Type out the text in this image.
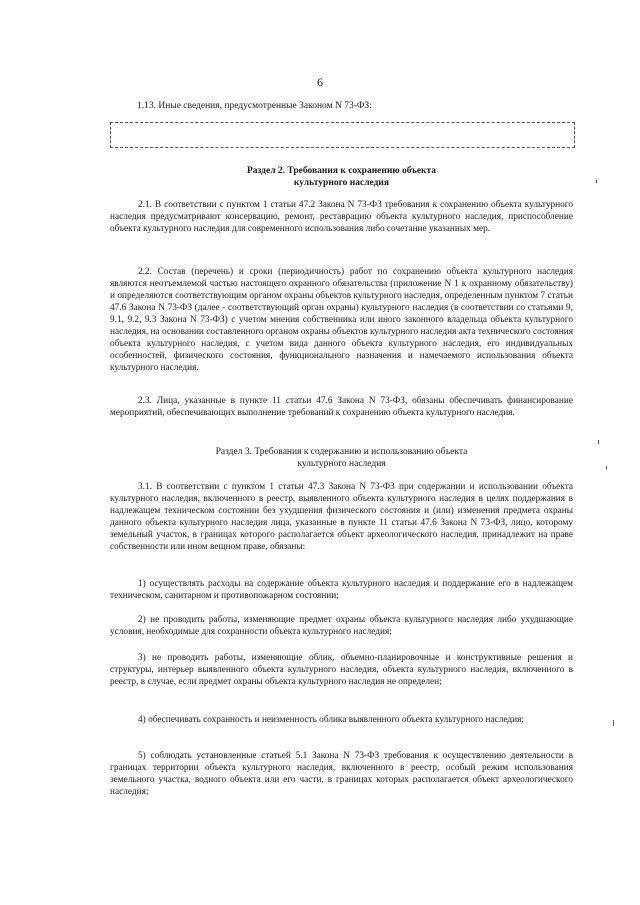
6
1.13. Иные сведения, предусмотренные Законом N 73-ФЗ:
Раздел 2. Требования к сохранению объекта
культурного наследия
2.1. В соответствии с пунктом 1 статьи 47.2 Закона N 73-ФЗ требования к сохранению объекта культурного наследия предусматривают консервацию, ремонт, реставрацию объекта культурного наследия, приспособление объекта культурного наследия для современного использования либо сочетание указанных мер.
2.2. Состав (перечень) и сроки (периодичность) работ по сохранению объекта культурного наследия являются неотъемлемой частью настоящего охранного обязательства (приложение N 1 к охранному обязательству) и определяются соответствующим органом охраны объектов культурного наследия, определенным пунктом 7 статьи 47.6 Закона N 73-ФЗ (далее - соответствующий орган охраны) культурного наследия (в соответствии со статьями 9, 9.1, 9.2, 9.3 Закона N 73-ФЗ) с учетом мнения собственника или иного законного владельца объекта культурного наследия, на основании составленного органом охраны объектов культурного наследия акта технического состояния объекта культурного наследия, с учетом вида данного объекта культурного наследия, его индивидуальных особенностей, физического состояния, функционального назначения и намечаемого использования объекта культурного наследия.
2.3. Лица, указанные в пункте 11 статьи 47.6 Закона N 73-ФЗ, обязаны обеспечивать финансирование мероприятий, обеспечивающих выполнение требований к сохранению объекта культурного наследия.
Раздел 3. Требования к содержанию и использованию объекта
культурного наследия
3.1. В соответствии с пунктом 1 статьи 47.3 Закона N 73-ФЗ при содержании и использовании объекта культурного наследия, включенного в реестр, выявленного объекта культурного наследия в целях поддержания в надлежащем техническом состоянии без ухудшения физического состояния и (или) изменения предмета охраны данного объекта культурного наследия лица, указанные в пункте 11 статьи 47.6 Закона N 73-ФЗ, лицо, которому земельный участок, в границах которого располагается объект археологического наследия, принадлежит на праве собственности или ином вещном праве, обязаны:
1) осуществлять расходы на содержание объекта культурного наследия и поддержание его в надлежащем техническом, санитарном и противопожарном состоянии;
2) не проводить работы, изменяющие предмет охраны объекта культурного наследия либо ухудшающие условия, необходимые для сохранности объекта культурного наследия;
3) не проводить работы, изменяющие облик, объемно-планировочные и конструктивные решения и структуры, интерьер выявленного объекта культурного наследия, объекта культурного наследия, включенного в реестр, в случае, если предмет охраны объекта культурного наследия не определен;
4) обеспечивать сохранность и неизменность облика выявленного объекта культурного наследия;
5) соблюдать установленные статьей 5.1 Закона N 73-ФЗ требования к осуществлению деятельности в границах территории объекта культурного наследия, включенного в реестр, особый режим использования земельного участка, водного объекта или его части, в границах которых располагается объект археологического наследия;
